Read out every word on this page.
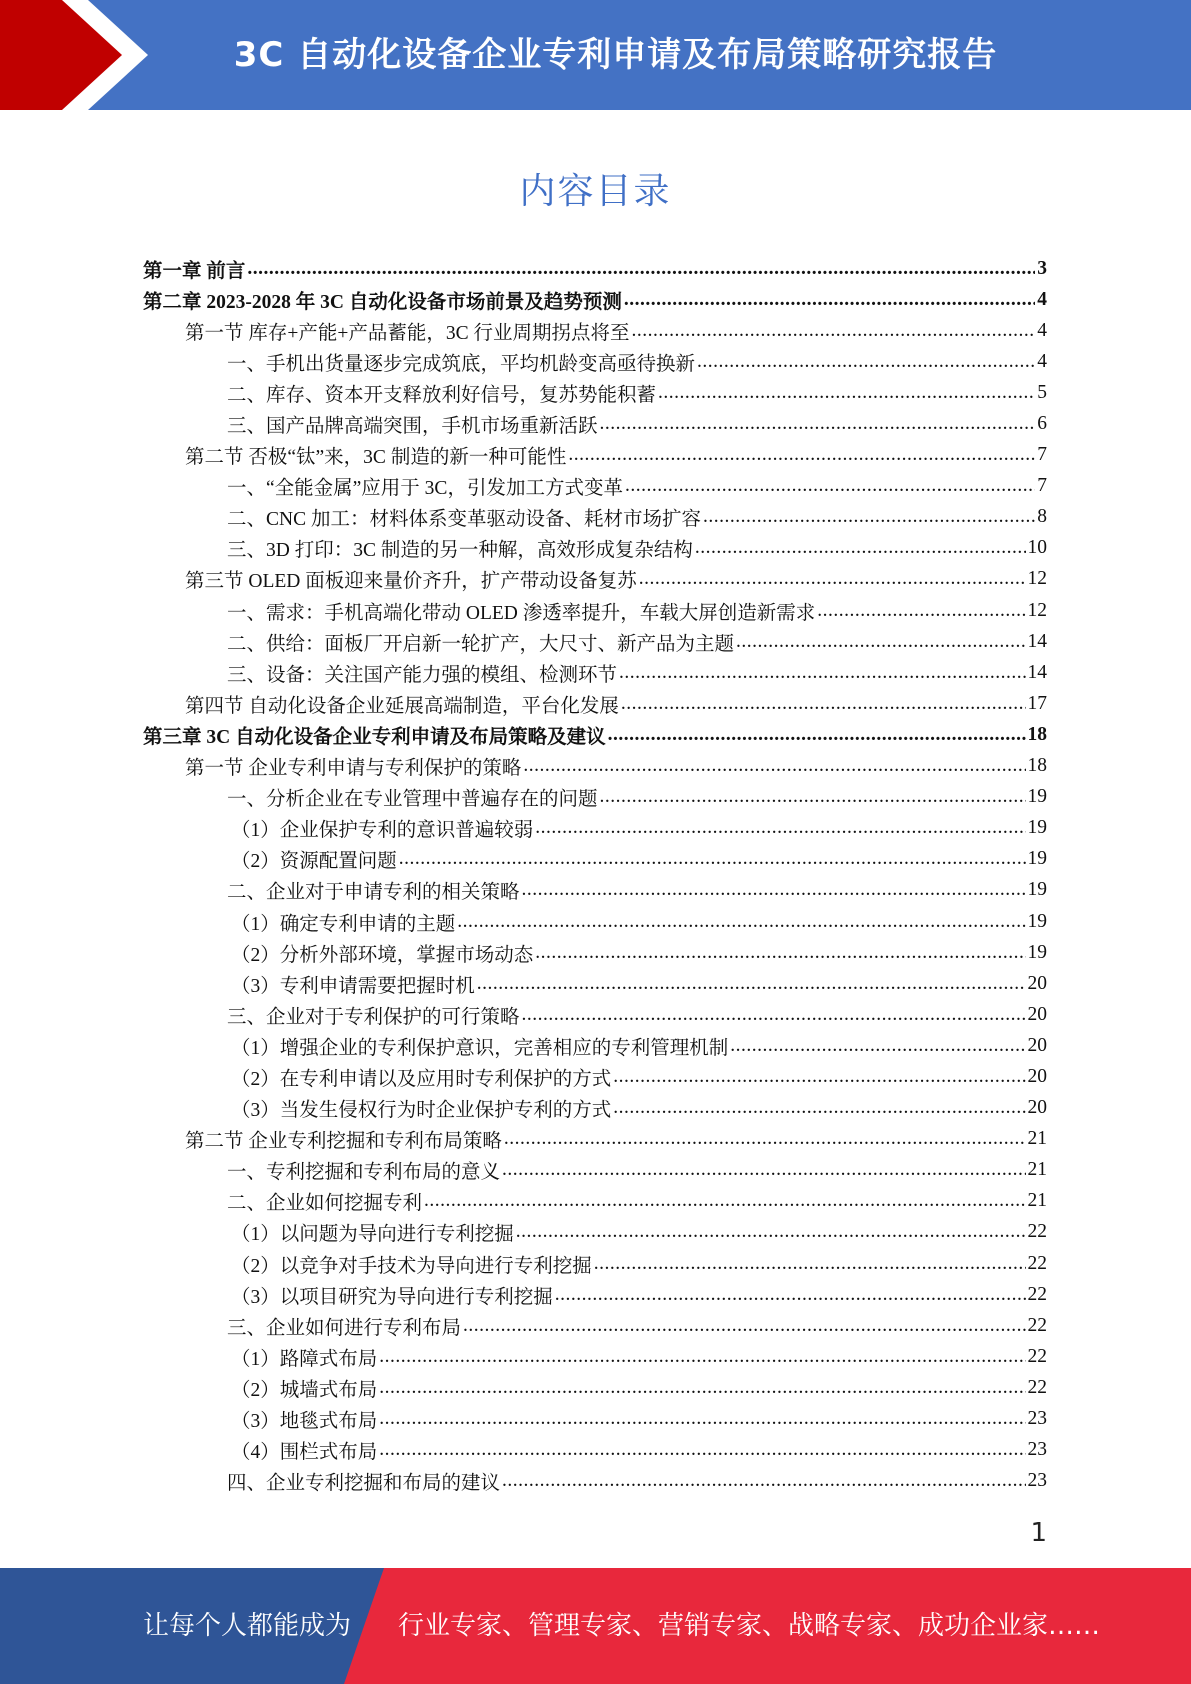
3C 自动化设备企业专利申请及布局策略研究报告
内容目录
第一章 前言 .....	3
第二章 2023-2028 年 3C 自动化设备市场前景及趋势预测 .....	4
第一节 库存+产能+产品蓄能，3C 行业周期拐点将至 .....	4
一、手机出货量逐步完成筑底，平均机龄变高亟待换新 .....	4
二、库存、资本开支释放利好信号，复苏势能积蓄 .....	5
三、国产品牌高端突围，手机市场重新活跃 .....	6
第二节 否极“钛”来，3C 制造的新一种可能性 .....	7
一、“全能金属”应用于 3C，引发加工方式变革 .....	7
二、CNC 加工：材料体系变革驱动设备、耗材市场扩容 .....	8
三、3D 打印：3C 制造的另一种解，高效形成复杂结构 .....	10
第三节 OLED 面板迎来量价齐升，扩产带动设备复苏 .....	12
一、需求：手机高端化带动 OLED 渗透率提升，车载大屏创造新需求 .....	12
二、供给：面板厂开启新一轮扩产，大尺寸、新产品为主题 .....	14
三、设备：关注国产能力强的模组、检测环节 .....	14
第四节 自动化设备企业延展高端制造，平台化发展 .....	17
第三章 3C 自动化设备企业专利申请及布局策略及建议 .....	18
第一节 企业专利申请与专利保护的策略 .....	18
一、分析企业在专业管理中普遍存在的问题 .....	19
（1）企业保护专利的意识普遍较弱 .....	19
（2）资源配置问题 .....	19
二、企业对于申请专利的相关策略 .....	19
（1）确定专利申请的主题 .....	19
（2）分析外部环境，掌握市场动态 .....	19
（3）专利申请需要把握时机 .....	20
三、企业对于专利保护的可行策略 .....	20
（1）增强企业的专利保护意识，完善相应的专利管理机制 .....	20
（2）在专利申请以及应用时专利保护的方式 .....	20
（3）当发生侵权行为时企业保护专利的方式 .....	20
第二节 企业专利挖掘和专利布局策略 .....	21
一、专利挖掘和专利布局的意义 .....	21
二、企业如何挖掘专利 .....	21
（1）以问题为导向进行专利挖掘 .....	22
（2）以竞争对手技术为导向进行专利挖掘 .....	22
（3）以项目研究为导向进行专利挖掘 .....	22
三、企业如何进行专利布局 .....	22
（1）路障式布局 .....	22
（2）城墙式布局 .....	22
（3）地毯式布局 .....	23
（4）围栏式布局 .....	23
四、企业专利挖掘和布局的建议 .....	23
1
让每个人都能成为 行业专家、管理专家、营销专家、战略专家、成功企业家……
